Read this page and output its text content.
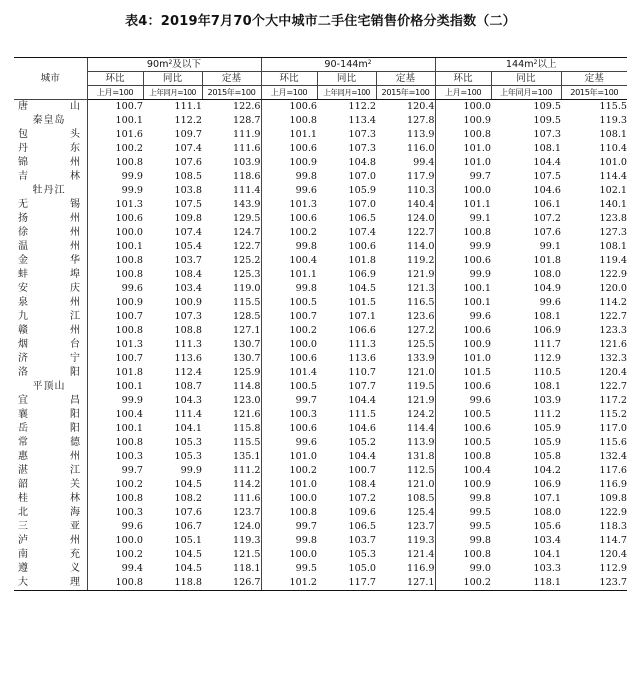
表4：2019年7月70个大中城市二手住宅销售价格分类指数（二）
城市	$90m^2$及以下			$90-144m^2$			$144m^2$以上		
	环比	同比	定基	环比	同比	定基	环比	同比	定基
	上月=100	上年同月=100	2015年=100	上月=100	上年同月=100	2015年=100	上月=100	上年同月=100	2015年=100
唐山	100.7	111.1	122.6	100.6	112.2	120.4	100.0	109.5	115.5
秦皇岛	100.1	112.2	128.7	100.8	113.4	127.8	100.9	109.5	119.3
包头	101.6	109.7	111.9	101.1	107.3	113.9	100.8	107.3	108.1
丹东	100.2	107.4	111.6	100.6	107.3	116.0	101.0	108.1	110.4
锦州	100.8	107.6	103.9	100.9	104.8	99.4	101.0	104.4	101.0
吉林	99.9	108.5	118.6	99.8	107.0	117.9	99.7	107.5	114.4
牡丹江	99.9	103.8	111.4	99.6	105.9	110.3	100.0	104.6	102.1
无锡	101.3	107.5	143.9	101.3	107.0	140.4	101.1	106.1	140.1
扬州	100.6	109.8	129.5	100.6	106.5	124.0	99.1	107.2	123.8
徐州	100.0	107.4	124.7	100.2	107.4	122.7	100.8	107.6	127.3
温州	100.1	105.4	122.7	99.8	100.6	114.0	99.9	99.1	108.1
金华	100.8	103.7	125.2	100.4	101.8	119.2	100.6	101.8	119.4
蚌埠	100.8	108.4	125.3	101.1	106.9	121.9	99.9	108.0	122.9
安庆	99.6	103.4	119.0	99.8	104.5	121.3	100.1	104.9	120.0
泉州	100.9	100.9	115.5	100.5	101.5	116.5	100.1	99.6	114.2
九江	100.7	107.3	128.5	100.7	107.1	123.6	99.6	108.1	122.7
赣州	100.8	108.8	127.1	100.2	106.6	127.2	100.6	106.9	123.3
烟台	101.3	111.3	130.7	100.0	111.3	125.5	100.9	111.7	121.6
济宁	100.7	113.6	130.7	100.6	113.6	133.9	101.0	112.9	132.3
洛阳	101.8	112.4	125.9	101.4	110.7	121.0	101.5	110.5	120.4
平顶山	100.1	108.7	114.8	100.5	107.7	119.5	100.6	108.1	122.7
宜昌	99.9	104.3	123.0	99.7	104.4	121.9	99.6	103.9	117.2
襄阳	100.4	111.4	121.6	100.3	111.5	124.2	100.5	111.2	115.2
岳阳	100.1	104.1	115.8	100.6	104.6	114.4	100.6	105.9	117.0
常德	100.8	105.3	115.5	99.6	105.2	113.9	100.5	105.9	115.6
惠州	100.3	105.3	135.1	101.0	104.4	131.8	100.8	105.8	132.4
湛江	99.7	99.9	111.2	100.2	100.7	112.5	100.4	104.2	117.6
韶关	100.2	104.5	114.2	101.0	108.4	121.0	100.9	106.9	116.9
桂林	100.8	108.2	111.6	100.0	107.2	108.5	99.8	107.1	109.8
北海	100.3	107.6	123.7	100.8	109.6	125.4	99.5	108.0	122.9
三亚	99.6	106.7	124.0	99.7	106.5	123.7	99.5	105.6	118.3
泸州	100.0	105.1	119.3	99.8	103.7	119.3	99.8	103.4	114.7
南充	100.2	104.5	121.5	100.0	105.3	121.4	100.8	104.1	120.4
遵义	99.4	104.5	118.1	99.5	105.0	116.9	99.0	103.3	112.9
大理	100.8	118.8	126.7	101.2	117.7	127.1	100.2	118.1	123.7
